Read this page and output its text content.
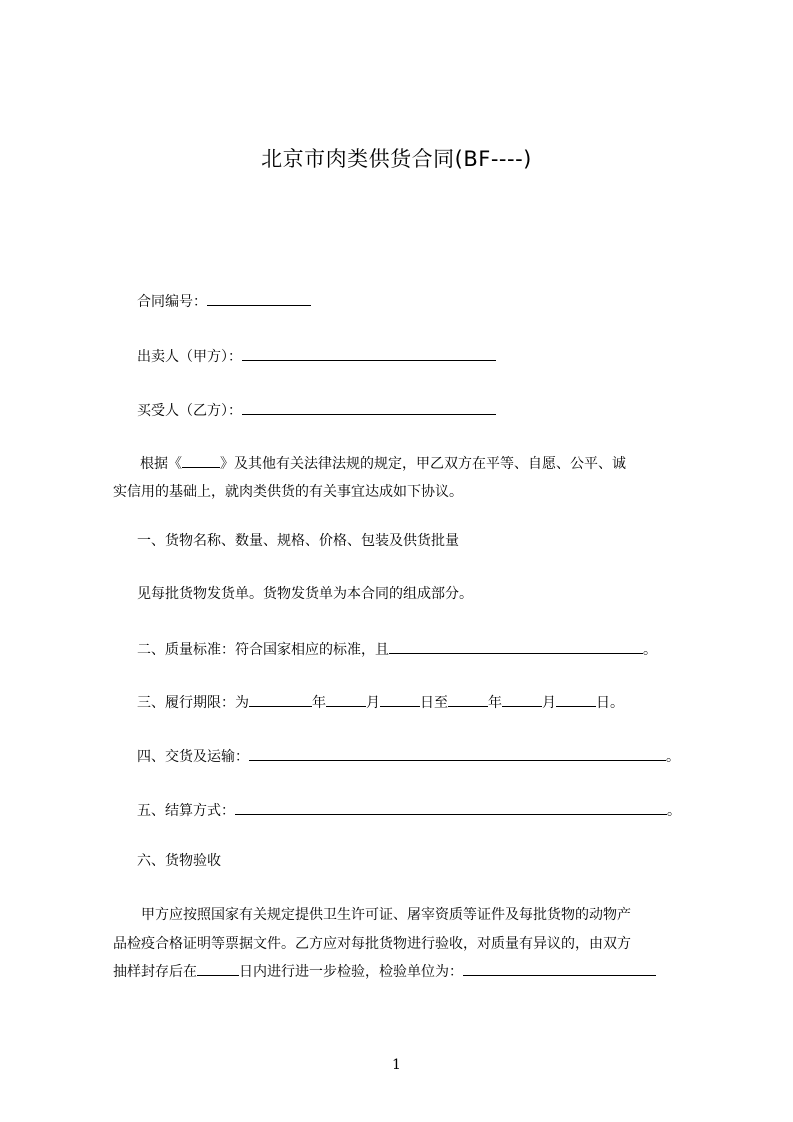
北京市肉类供货合同(BF----)
合同编号：
出卖人（甲方）：
买受人（乙方）：
根据《	》及其他有关法律法规的规定，甲乙双方在平等、自愿、公平、诚
实信用的基础上，就肉类供货的有关事宜达成如下协议。
一、货物名称、数量、规格、价格、包装及供货批量
见每批货物发货单。货物发货单为本合同的组成部分。
二、质量标准：符合国家相应的标准，且	。
三、履行期限：为	年	月	日至	年	月	日。
四、交货及运输：	。
五、结算方式：	。
六、货物验收
甲方应按照国家有关规定提供卫生许可证、屠宰资质等证件及每批货物的动物产
品检疫合格证明等票据文件。乙方应对每批货物进行验收，对质量有异议的，由双方
抽样封存后在	日内进行进一步检验，检验单位为：
1
